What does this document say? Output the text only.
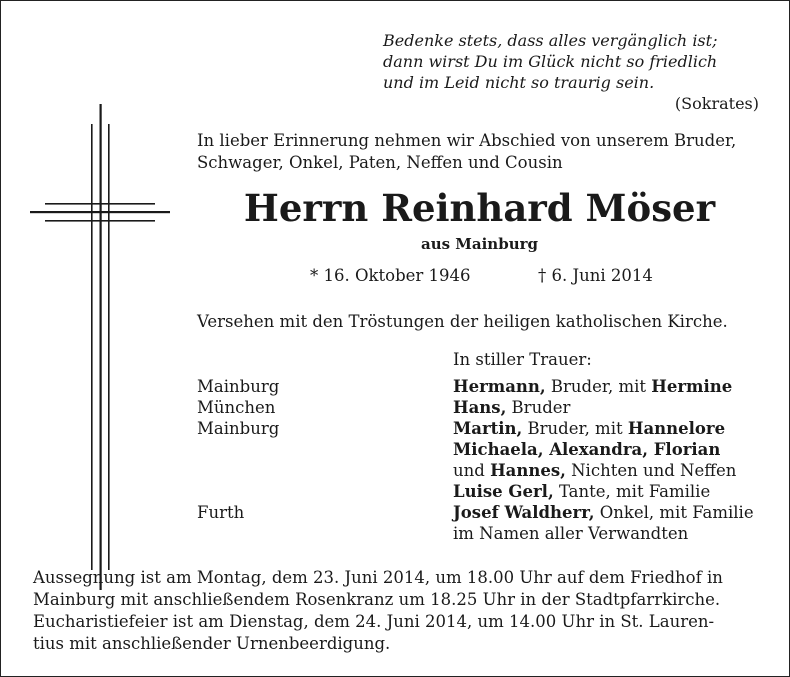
Bedenke stets, dass alles vergänglich ist;
dann wirst Du im Glück nicht so friedlich
und im Leid nicht so traurig sein.
(Sokrates)
In lieber Erinnerung nehmen wir Abschied von unserem Bruder,
Schwager, Onkel, Paten, Neffen und Cousin
Herrn Reinhard Möser
aus Mainburg
* 16. Oktober 1946	† 6. Juni 2014
Versehen mit den Tröstungen der heiligen katholischen Kirche.
In stiller Trauer:
Mainburg	Hermann, Bruder, mit Hermine
München	Hans, Bruder
Mainburg	Martin, Bruder, mit Hannelore
Michaela, Alexandra, Florian
und Hannes, Nichten und Neffen
Luise Gerl, Tante, mit Familie
Furth	Josef Waldherr, Onkel, mit Familie
im Namen aller Verwandten
Aussegnung ist am Montag, dem 23. Juni 2014, um 18.00 Uhr auf dem Friedhof in
Mainburg mit anschließendem Rosenkranz um 18.25 Uhr in der Stadtpfarrkirche.
Eucharistiefeier ist am Dienstag, dem 24. Juni 2014, um 14.00 Uhr in St. Lauren-
tius mit anschließender Urnenbeerdigung.
